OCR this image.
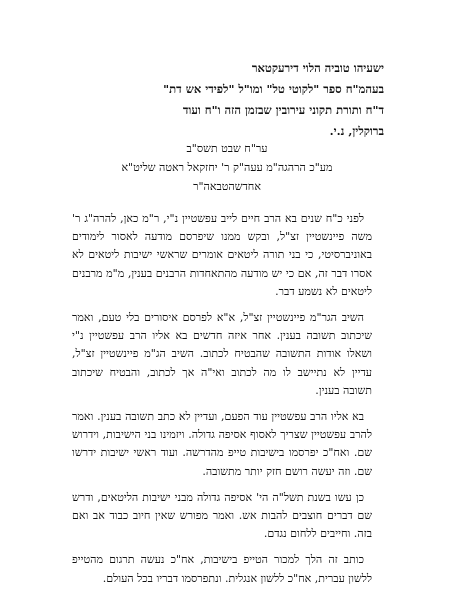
ישעיהו טוביה הלוי דירעקטאר
בעהמ"ח ספר "לקוטי טל" ומו"ל "לפידי אש דת"
ד"ח ותורת תקוני עירובין שבזמן הזה ו"ח ועוד
ברוקלין, נ.י.
ער"ח שבט תשס"ב
מע"כ הרהגה"מ עעה"ק ר' יחזקאל ראטה שליט"א
אחדשהטבאה"ר

לפני כ"ח שנים בא הרב חיים לייב עפשטיין נ"י, ר"מ כאן, להרה"ג ר' משה פיינשטיין זצ"ל, ובקש ממנו שיפרסם מודעה לאסור לימודים באוניברסיטי, כי בני תורה ליטאים אומרים שראשי ישיבות ליטאים לא אסרו דבר זה, אם כי יש מודעה מהתאחדות הרבנים בענין, מ"מ מרבנים ליטאים לא נשמע דבר.

השיב הגר"מ פיינשטיין זצ"ל, א"א לפרסם איסורים בלי טעם, ואמר שיכתוב תשובה בענין. אחר איזה חדשים בא אליו הרב עפשטיין נ"י ושאלו אודות התשובה שהבטיח לכתוב. השיב הג"מ פיינשטיין זצ"ל, עדיין לא נתיישב לו מה לכתוב ואי"ה אך לכתוב, והבטיח שיכתוב תשובה בענין.

בא אליו הרב עפשטיין עוד הפעם, ועדיין לא כתב תשובה בענין. ואמר להרב עפשטיין שצריך לאסוף אסיפה גדולה. ויזמינו בני הישיבות, וידרוש שם. ואח"כ יפרסמו בישיבות טייפ מהדרשה. ועוד ראשי ישיבות ידרשו שם. וזה יעשה רושם חזק יותר מתשובה.

כן עשו בשנת תשל"ה הי' אסיפה גדולה מבני ישיבות הליטאים, ודרש שם דברים חוצבים להבות אש. ואמר מפורש שאין חיוב כבוד אב ואם בזה. וחייבים ללחום נגדם.

כותב זה הלך למכור הטייפ בישיבות, אח"כ נעשה תרגום מהטייפ ללשון עברית, אח"כ ללשון אנגלית. ונתפרסמו דבריו בכל העולם.
